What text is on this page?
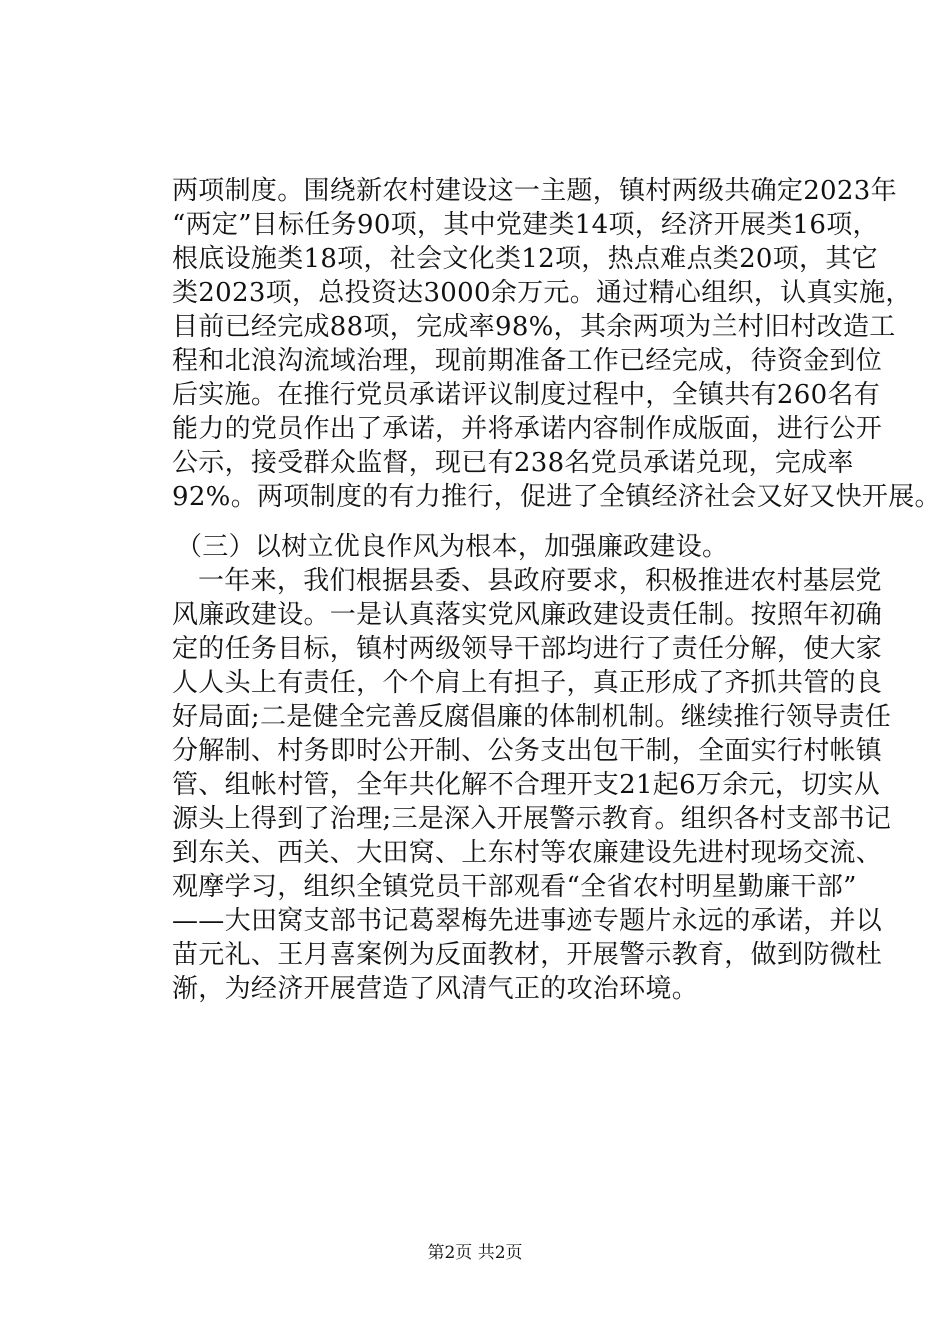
两项制度。围绕新农村建设这一主题，镇村两级共确定2023年
“两定”目标任务90项，其中党建类14项，经济开展类16项，
根底设施类18项，社会文化类12项，热点难点类20项，其它
类2023项，总投资达3000余万元。通过精心组织，认真实施，
目前已经完成88项，完成率98%，其余两项为兰村旧村改造工
程和北浪沟流域治理，现前期准备工作已经完成，待资金到位
后实施。在推行党员承诺评议制度过程中，全镇共有260名有
能力的党员作出了承诺，并将承诺内容制作成版面，进行公开
公示，接受群众监督，现已有238名党员承诺兑现，完成率
92%。两项制度的有力推行，促进了全镇经济社会又好又快开展。
（三）以树立优良作风为根本，加强廉政建设。
一年来，我们根据县委、县政府要求，积极推进农村基层党
风廉政建设。一是认真落实党风廉政建设责任制。按照年初确
定的任务目标，镇村两级领导干部均进行了责任分解，使大家
人人头上有责任，个个肩上有担子，真正形成了齐抓共管的良
好局面;二是健全完善反腐倡廉的体制机制。继续推行领导责任
分解制、村务即时公开制、公务支出包干制，全面实行村帐镇
管、组帐村管，全年共化解不合理开支21起6万余元，切实从
源头上得到了治理;三是深入开展警示教育。组织各村支部书记
到东关、西关、大田窝、上东村等农廉建设先进村现场交流、
观摩学习，组织全镇党员干部观看“全省农村明星勤廉干部”
——大田窝支部书记葛翠梅先进事迹专题片永远的承诺，并以
苗元礼、王月喜案例为反面教材，开展警示教育，做到防微杜
渐，为经济开展营造了风清气正的攻治环境。
第2页 共2页
